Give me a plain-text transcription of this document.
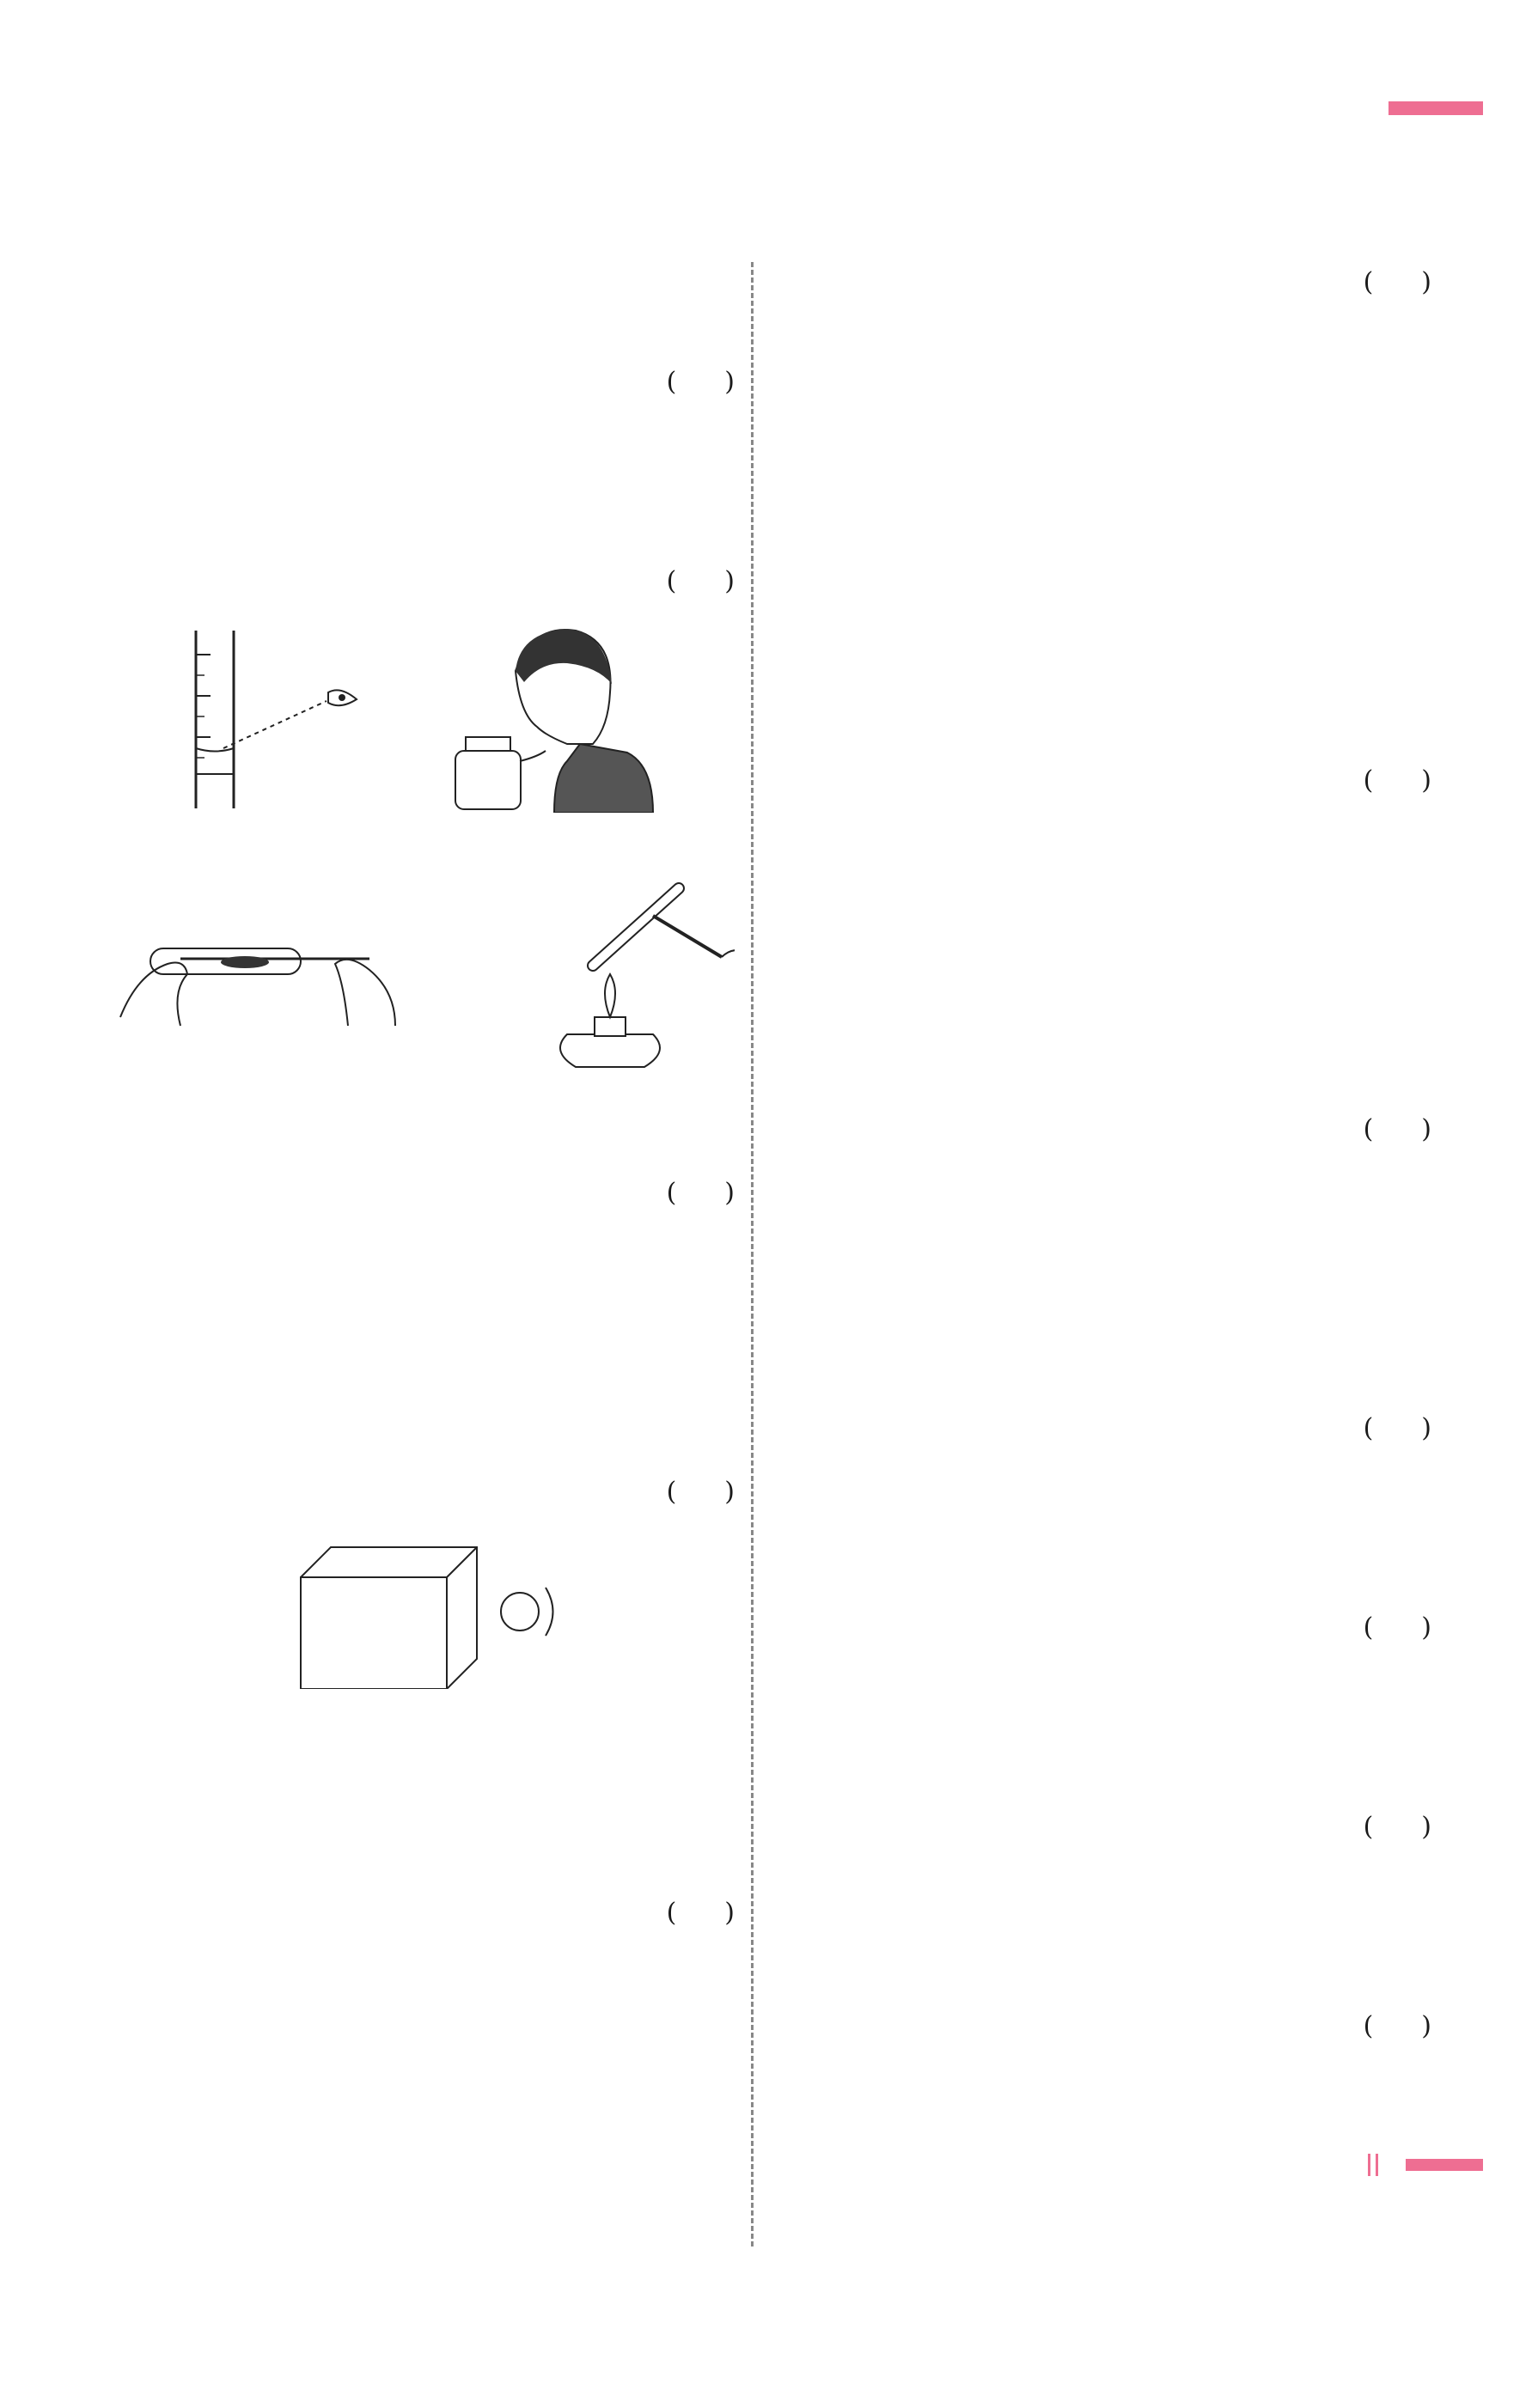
( )
( )
( )
( )
( )
( )
( )
( )
( )
( )
( )
( )
